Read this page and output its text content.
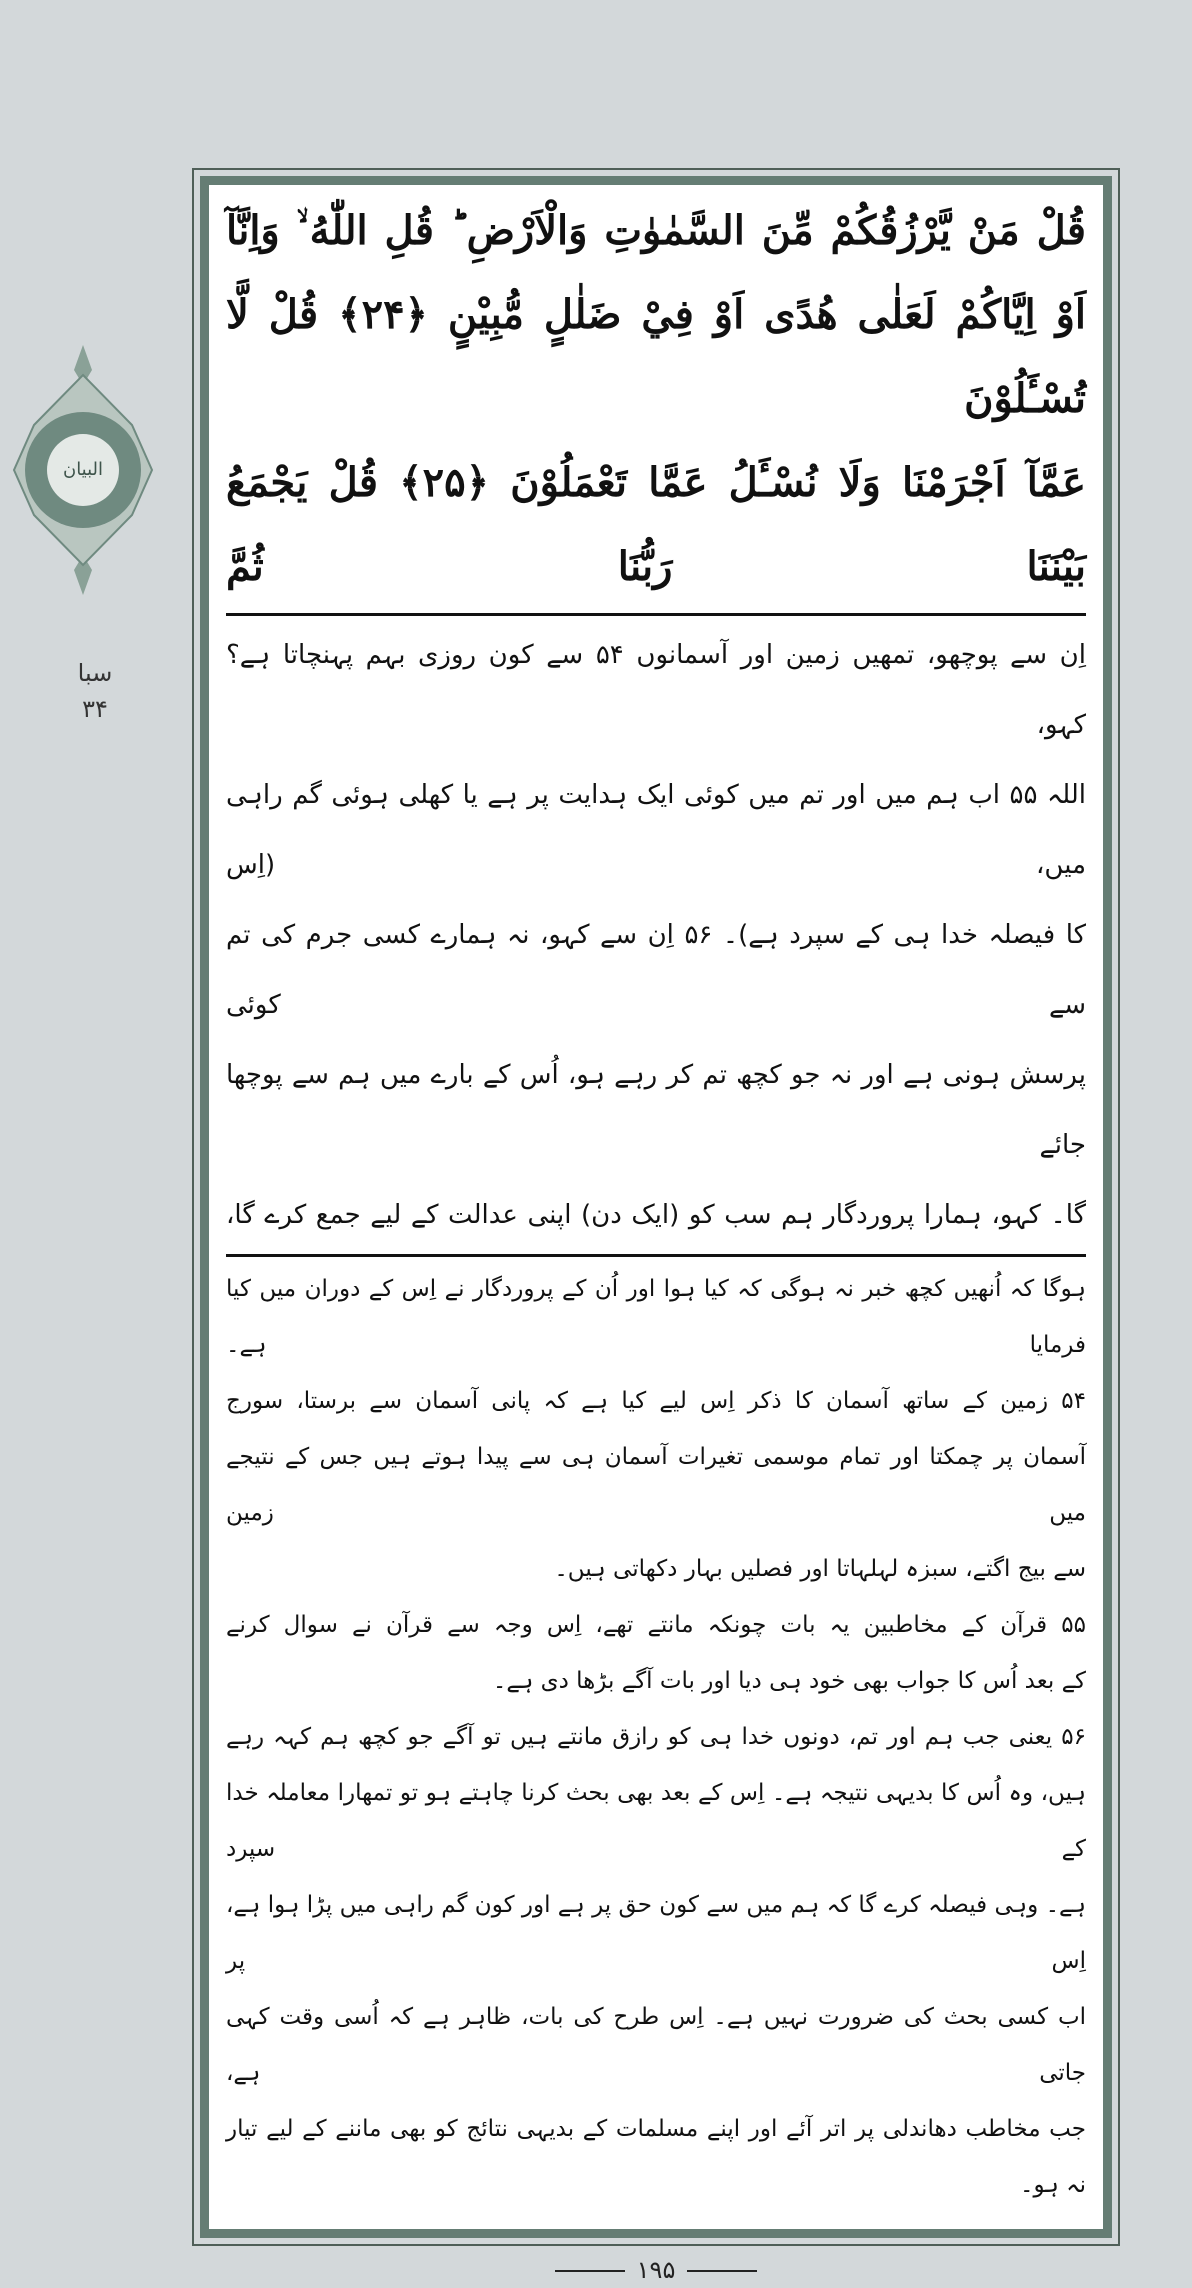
البیان
سبا
۳۴
قُلْ مَنْ يَّرْزُقُكُمْ مِّنَ السَّمٰوٰتِ وَالْاَرْضِ ؕ قُلِ اللّٰهُ ۙ وَاِنَّآ
اَوْ اِيَّاكُمْ لَعَلٰى هُدًى اَوْ فِيْ ضَلٰلٍ مُّبِيْنٍ ﴿۲۴﴾ قُلْ لَّا تُسْـَٔلُوْنَ
عَمَّآ اَجْرَمْنَا وَلَا نُسْـَٔلُ عَمَّا تَعْمَلُوْنَ ﴿۲۵﴾ قُلْ يَجْمَعُ بَيْنَنَا رَبُّنَا ثُمَّ
اِن سے پوچھو، تمھیں زمین اور آسمانوں ۵۴ سے کون روزی بہم پہنچاتا ہے؟ کہو،
اللہ ۵۵ اب ہم میں اور تم میں کوئی ایک ہدایت پر ہے یا کھلی ہوئی گم راہی میں، (اِس
کا فیصلہ خدا ہی کے سپرد ہے)۔ ۵۶ اِن سے کہو، نہ ہمارے کسی جرم کی تم سے کوئی
پرسش ہونی ہے اور نہ جو کچھ تم کر رہے ہو، اُس کے بارے میں ہم سے پوچھا جائے
گا۔ کہو، ہمارا پروردگار ہم سب کو (ایک دن) اپنی عدالت کے لیے جمع کرے گا،
ہوگا کہ اُنھیں کچھ خبر نہ ہوگی کہ کیا ہوا اور اُن کے پروردگار نے اِس کے دوران میں کیا فرمایا ہے۔
۵۴ زمین کے ساتھ آسمان کا ذکر اِس لیے کیا ہے کہ پانی آسمان سے برستا، سورج
آسمان پر چمکتا اور تمام موسمی تغیرات آسمان ہی سے پیدا ہوتے ہیں جس کے نتیجے میں زمین
سے بیج اگتے، سبزہ لہلہاتا اور فصلیں بہار دکھاتی ہیں۔
۵۵ قرآن کے مخاطبین یہ بات چونکہ مانتے تھے، اِس وجہ سے قرآن نے سوال کرنے
کے بعد اُس کا جواب بھی خود ہی دیا اور بات آگے بڑھا دی ہے۔
۵۶ یعنی جب ہم اور تم، دونوں خدا ہی کو رازق مانتے ہیں تو آگے جو کچھ ہم کہہ رہے
ہیں، وہ اُس کا بدیہی نتیجہ ہے۔ اِس کے بعد بھی بحث کرنا چاہتے ہو تو تمھارا معاملہ خدا کے سپرد
ہے۔ وہی فیصلہ کرے گا کہ ہم میں سے کون حق پر ہے اور کون گم راہی میں پڑا ہوا ہے، اِس پر
اب کسی بحث کی ضرورت نہیں ہے۔ اِس طرح کی بات، ظاہر ہے کہ اُسی وقت کہی جاتی ہے،
جب مخاطب دھاندلی پر اتر آئے اور اپنے مسلمات کے بدیہی نتائج کو بھی ماننے کے لیے تیار
نہ ہو۔
۱۹۵
